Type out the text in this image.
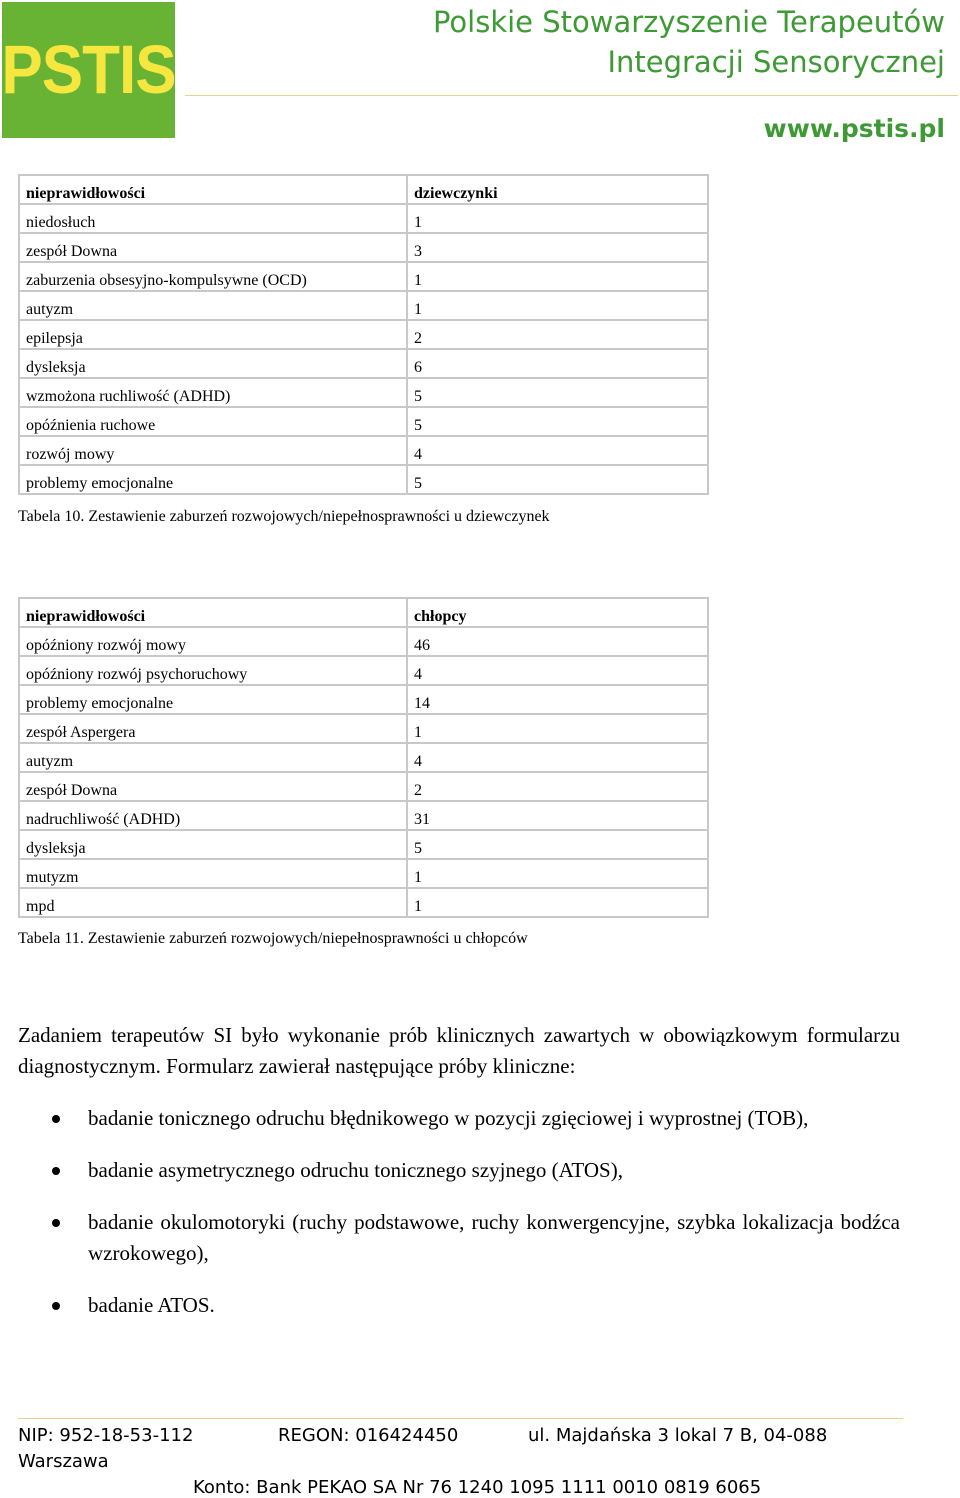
PSTIS
Polskie Stowarzyszenie Terapeutów
Integracji Sensorycznej
www.pstis.pl
nieprawidłowości	dziewczynki
niedosłuch	1
zespół Downa	3
zaburzenia obsesyjno-kompulsywne (OCD)	1
autyzm	1
epilepsja	2
dysleksja	6
wzmożona ruchliwość (ADHD)	5
opóźnienia ruchowe	5
rozwój mowy	4
problemy emocjonalne	5
Tabela 10. Zestawienie zaburzeń rozwojowych/niepełnosprawności u dziewczynek
nieprawidłowości	chłopcy
opóźniony rozwój mowy	46
opóźniony rozwój psychoruchowy	4
problemy emocjonalne	14
zespół Aspergera	1
autyzm	4
zespół Downa	2
nadruchliwość (ADHD)	31
dysleksja	5
mutyzm	1
mpd	1
Tabela 11. Zestawienie zaburzeń rozwojowych/niepełnosprawności u chłopców
Zadaniem terapeutów SI było wykonanie prób klinicznych zawartych w obowiązkowym formularzu diagnostycznym. Formularz zawierał następujące próby kliniczne:
badanie tonicznego odruchu błędnikowego w pozycji zgięciowej i wyprostnej (TOB),
badanie asymetrycznego odruchu tonicznego szyjnego (ATOS),
badanie okulomotoryki (ruchy podstawowe, ruchy konwergencyjne, szybka lokalizacja bodźca wzrokowego),
badanie ATOS.
NIP: 952-18-53-112	REGON: 016424450	ul. Majdańska 3 lokal 7 B, 04-088
Warszawa
Konto: Bank PEKAO SA Nr 76 1240 1095 1111 0010 0819 6065
